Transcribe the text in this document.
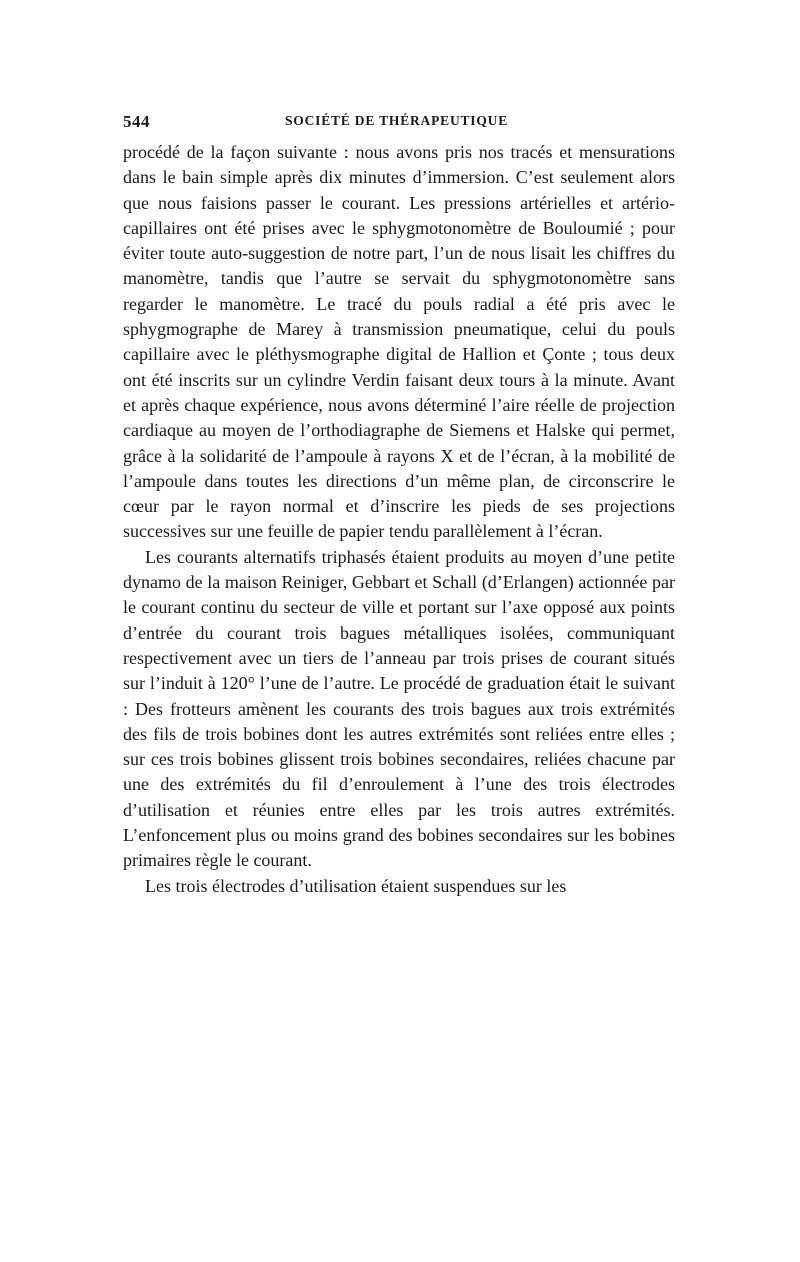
544	SOCIÉTÉ DE THÉRAPEUTIQUE

procédé de la façon suivante : nous avons pris nos tracés et mensurations dans le bain simple après dix minutes d’immersion. C’est seulement alors que nous faisions passer le courant. Les pressions artérielles et artério-capillaires ont été prises avec le sphygmotonomètre de Bouloumié ; pour éviter toute auto-suggestion de notre part, l’un de nous lisait les chiffres du manomètre, tandis que l’autre se servait du sphygmotonomètre sans regarder le manomètre. Le tracé du pouls radial a été pris avec le sphygmographe de Marey à transmission pneumatique, celui du pouls capillaire avec le pléthysmographe digital de Hallion et Çonte ; tous deux ont été inscrits sur un cylindre Verdin faisant deux tours à la minute. Avant et après chaque expérience, nous avons déterminé l’aire réelle de projection cardiaque au moyen de l’orthodiagraphe de Siemens et Halske qui permet, grâce à la solidarité de l’ampoule à rayons X et de l’écran, à la mobilité de l’ampoule dans toutes les directions d’un même plan, de circonscrire le cœur par le rayon normal et d’inscrire les pieds de ses projections successives sur une feuille de papier tendu parallèlement à l’écran.

Les courants alternatifs triphasés étaient produits au moyen d’une petite dynamo de la maison Reiniger, Gebbart et Schall (d’Erlangen) actionnée par le courant continu du secteur de ville et portant sur l’axe opposé aux points d’entrée du courant trois bagues métalliques isolées, communiquant respectivement avec un tiers de l’anneau par trois prises de courant situés sur l’induit à 120° l’une de l’autre. Le procédé de graduation était le suivant : Des frotteurs amènent les courants des trois bagues aux trois extrémités des fils de trois bobines dont les autres extrémités sont reliées entre elles ; sur ces trois bobines glissent trois bobines secondaires, reliées chacune par une des extrémités du fil d’enroulement à l’une des trois électrodes d’utilisation et réunies entre elles par les trois autres extrémités. L’enfoncement plus ou moins grand des bobines secondaires sur les bobines primaires règle le courant.

Les trois électrodes d’utilisation étaient suspendues sur les
